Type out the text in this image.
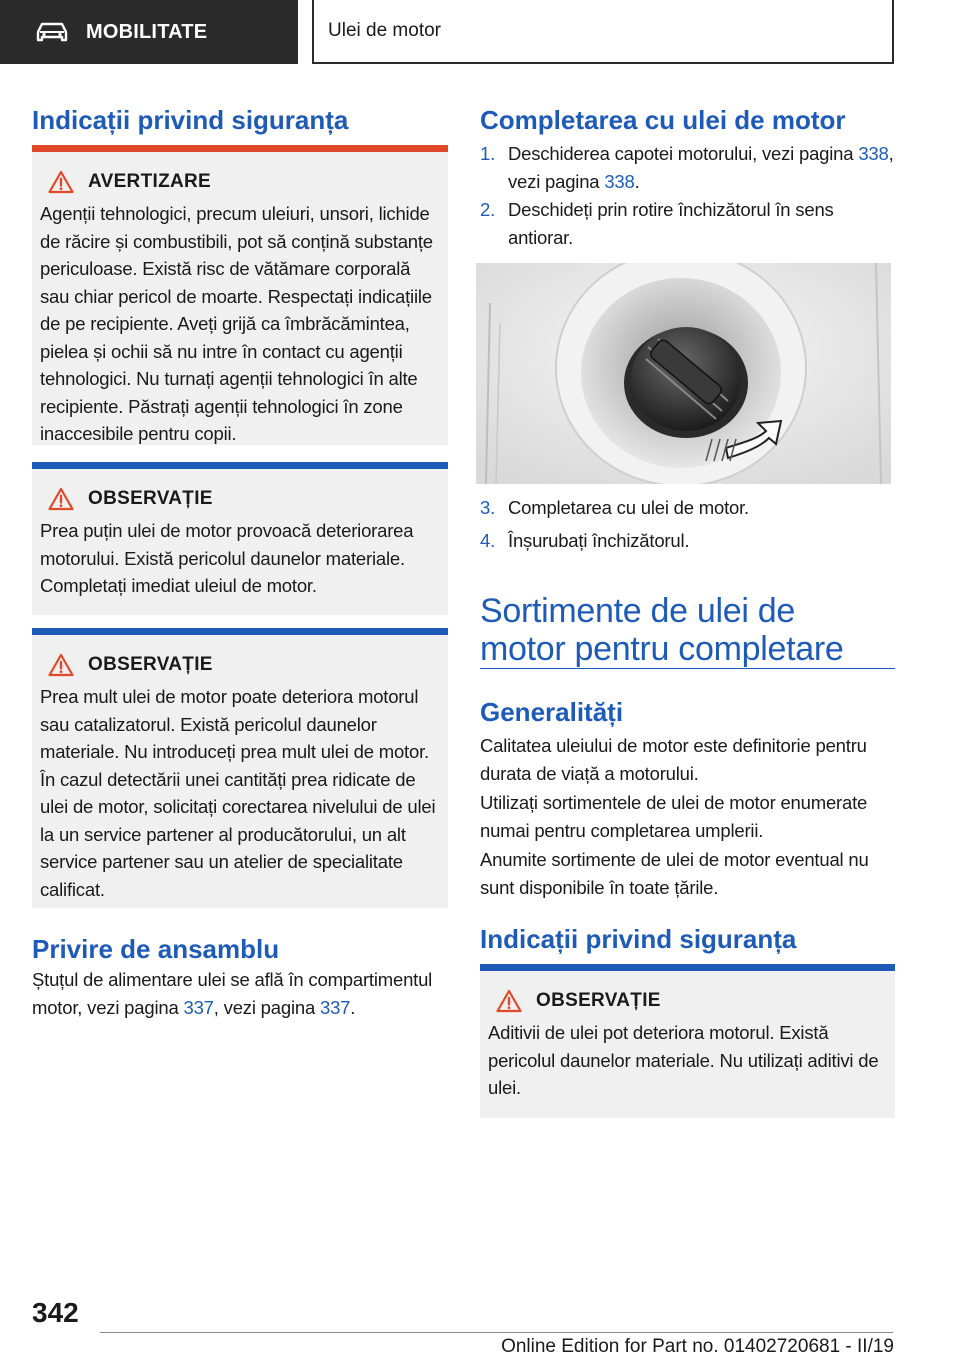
MOBILITATE	Ulei de motor
Indicații privind siguranța
AVERTIZARE
Agenții tehnologici, precum uleiuri, unsori, lichide de răcire și combustibili, pot să conțină substanțe periculoase. Există risc de vătămare corporală sau chiar pericol de moarte. Respectați indicațiile de pe recipiente. Aveți grijă ca îmbrăcămintea, pielea și ochii să nu intre în contact cu agenții tehnologici. Nu turnați agenții tehnologici în alte recipiente. Păstrați agenții tehnologici în zone inaccesibile pentru copii.
OBSERVAȚIE
Prea puțin ulei de motor provoacă deteriorarea motorului. Există pericolul daunelor materiale. Completați imediat uleiul de motor.
OBSERVAȚIE
Prea mult ulei de motor poate deteriora motorul sau catalizatorul. Există pericolul daunelor materiale. Nu introduceți prea mult ulei de motor. În cazul detectării unei cantități prea ridicate de ulei de motor, solicitați corectarea nivelului de ulei la un service partener al producătorului, un alt service partener sau un atelier de specialitate calificat.
Privire de ansamblu

Ștuțul de alimentare ulei se află în compartimentul motor, vezi pagina 337, vezi pagina 337.

Completarea cu ulei de motor
1. Deschiderea capotei motorului, vezi pagina 338, vezi pagina 338.
2. Deschideți prin rotire închizătorul în sens antiorar.
3. Completarea cu ulei de motor.
4. Înșurubați închizătorul.
Sortimente de ulei de motor pentru completare
Generalități

Calitatea uleiului de motor este definitorie pentru durata de viață a motorului.

Utilizați sortimentele de ulei de motor enumerate numai pentru completarea umplerii.

Anumite sortimente de ulei de motor eventual nu sunt disponibile în toate țările.

Indicații privind siguranța
OBSERVAȚIE
Aditivii de ulei pot deteriora motorul. Există pericolul daunelor materiale. Nu utilizați aditivi de ulei.
342
Online Edition for Part no. 01402720681 - II/19
